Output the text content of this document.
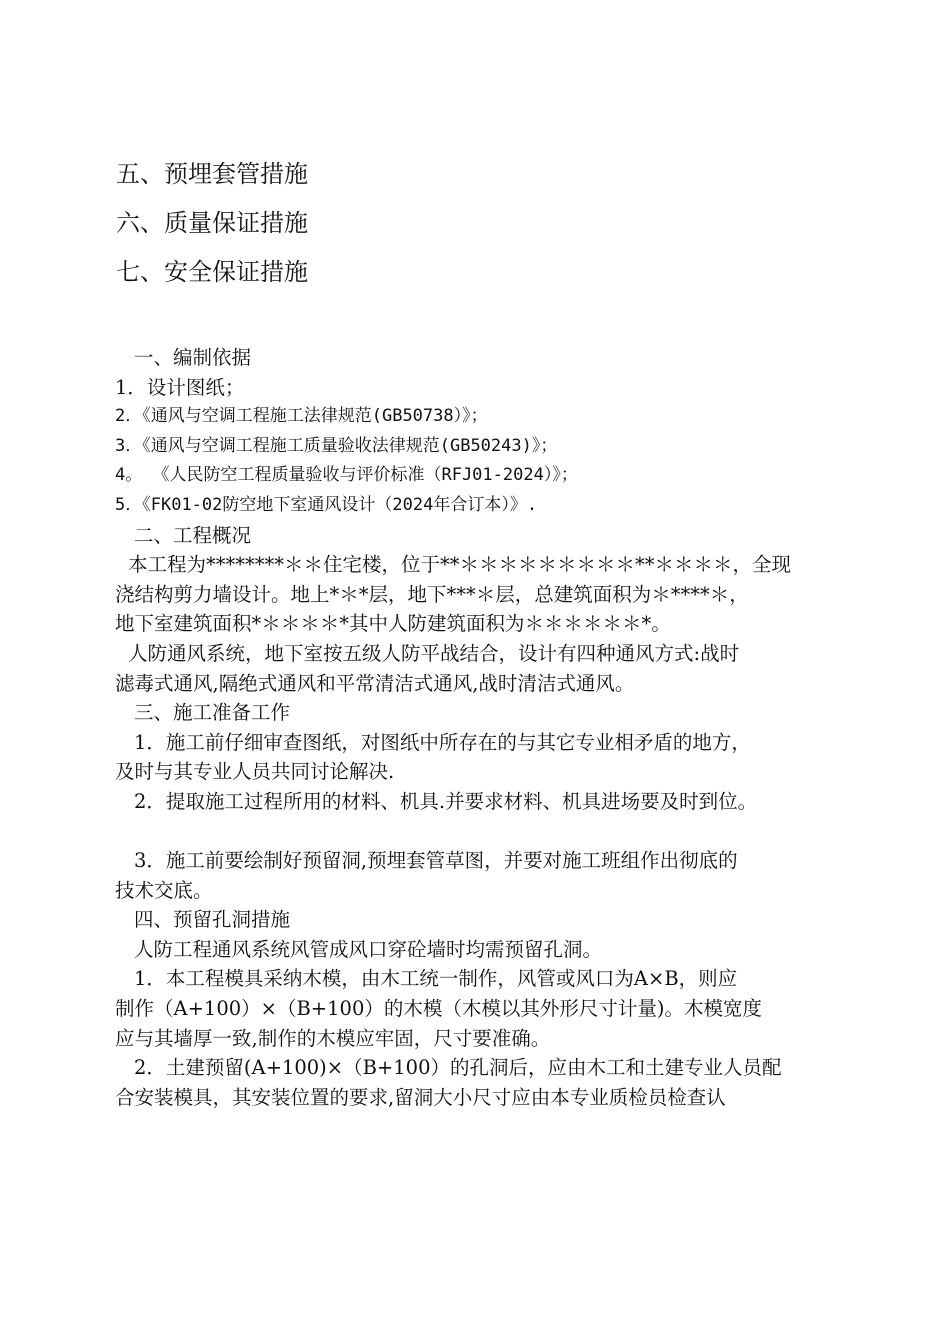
五、预埋套管措施
六、质量保证措施
七、安全保证措施
一、编制依据
1．设计图纸；
2．《通风与空调工程施工法律规范(GB50738）》；
3．《通风与空调工程施工质量验收法律规范(GB50243)》；
4。 《人民防空工程质量验收与评价标准（RFJ01-2024）》；
5．《FK01-02防空地下室通风设计（2024年合订本）》.
二、工程概况
本工程为********＊＊住宅楼，位于**＊＊＊＊＊＊＊＊＊**＊＊＊＊，全现
浇结构剪力墙设计。地上*＊*层，地下***＊层，总建筑面积为＊****＊，
地下室建筑面积*＊＊＊＊*其中人防建筑面积为＊＊＊＊＊＊*。
人防通风系统，地下室按五级人防平战结合，设计有四种通风方式:战时
滤毒式通风,隔绝式通风和平常清洁式通风,战时清洁式通风。
三、施工准备工作
1．施工前仔细审查图纸，对图纸中所存在的与其它专业相矛盾的地方，
及时与其专业人员共同讨论解决.
2．提取施工过程所用的材料、机具.并要求材料、机具进场要及时到位。
3．施工前要绘制好预留洞,预埋套管草图，并要对施工班组作出彻底的
技术交底。
四、预留孔洞措施
人防工程通风系统风管成风口穿砼墙时均需预留孔洞。
1．本工程模具采纳木模，由木工统一制作，风管或风口为A×B，则应
制作（A+100）×（B+100）的木模（木模以其外形尺寸计量)。木模宽度
应与其墙厚一致,制作的木模应牢固，尺寸要准确。
2．土建预留(A+100)×（B+100）的孔洞后，应由木工和土建专业人员配
合安装模具，其安装位置的要求,留洞大小尺寸应由本专业质检员检查认
